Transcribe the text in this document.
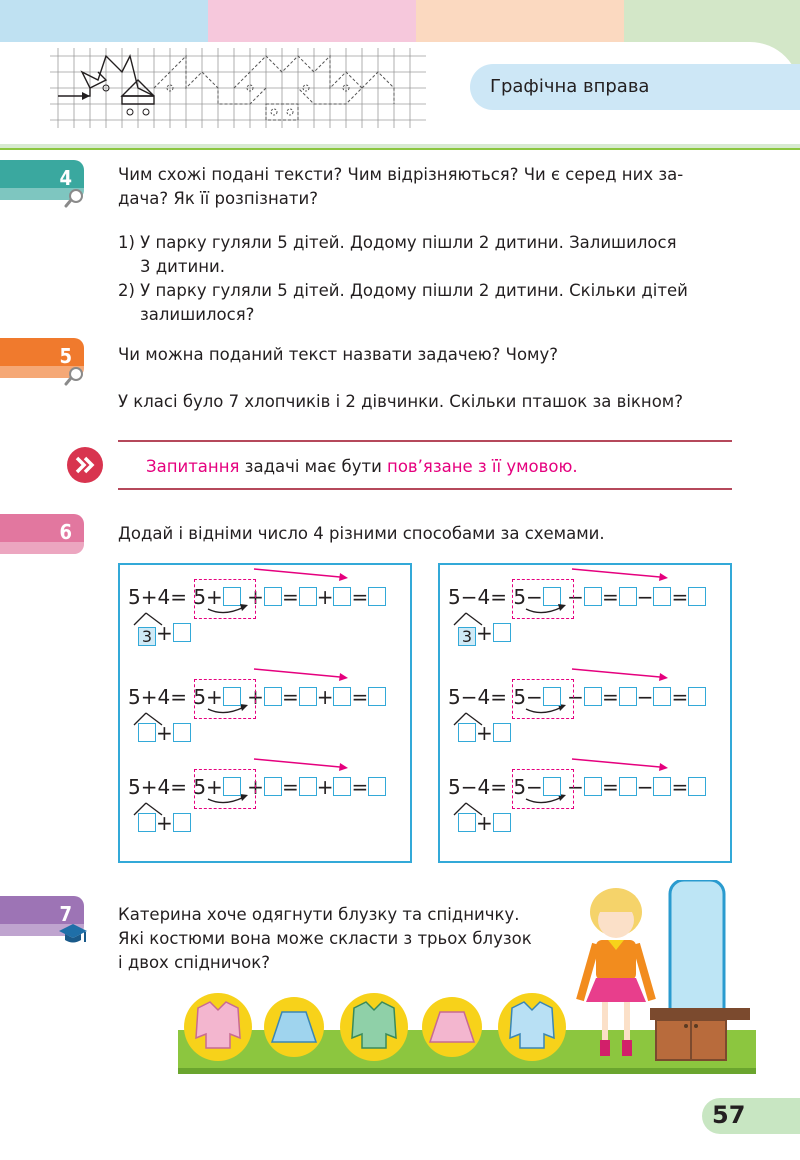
Графічна вправа
4	Чим схожі подані тексти? Чим відрізняються? Чи є серед них за-
дача? Як її розпізнати?
1) У парку гуляли 5 дітей. Додому пішли 2 дитини. Залишилося
3 дитини.
2) У парку гуляли 5 дітей. Додому пішли 2 дитини. Скільки дітей
залишилося?
5	Чи можна поданий текст назвати задачею? Чому?
У класі було 7 хлопчиків і 2 дівчинки. Скільки пташок за вікном?
Запитання задачі має бути пов’язане з її умовою.
6	Додай і відніми число 4 різними способами за схемами.
5+4= 5+ + = + =
3 +
5+4= 5+ + = + =
+
5+4= 5+ + = + =
+
5−4= 5− − = − =
3 +
5−4= 5− − = − =
+
5−4= 5− − = − =
+
7	Катерина хоче одягнути блузку та спідничку.
Які костюми вона може скласти з трьох блузок
і двох спідничок?
57
